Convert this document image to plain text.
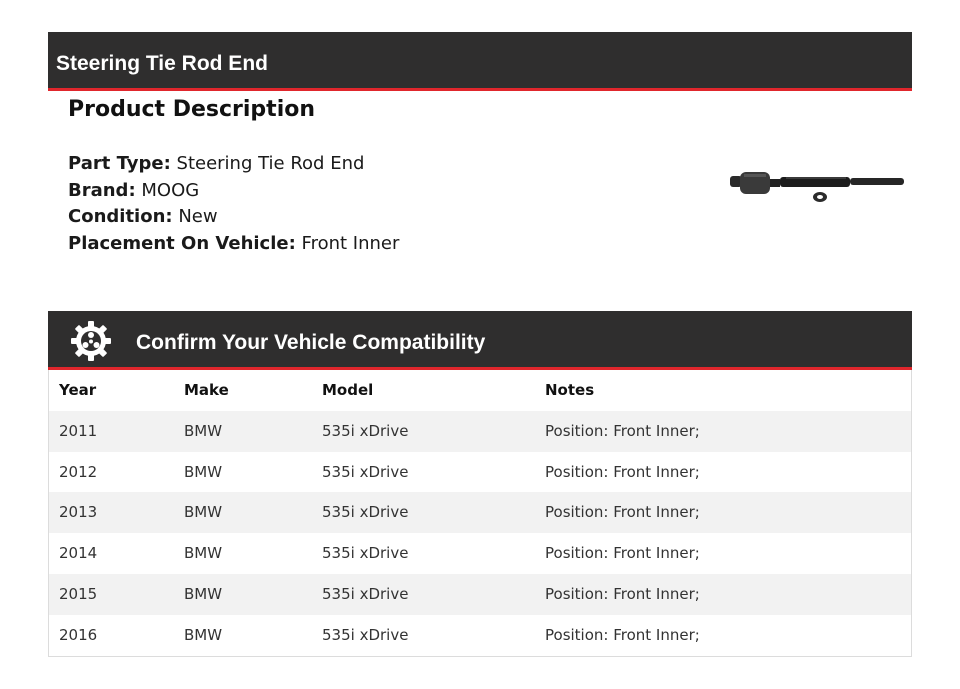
Steering Tie Rod End
Product Description
Part Type: Steering Tie Rod End
Brand: MOOG
Condition: New
Placement On Vehicle: Front Inner
Confirm Your Vehicle Compatibility
Year	Make	Model	Notes
2011	BMW	535i xDrive	Position: Front Inner;
2012	BMW	535i xDrive	Position: Front Inner;
2013	BMW	535i xDrive	Position: Front Inner;
2014	BMW	535i xDrive	Position: Front Inner;
2015	BMW	535i xDrive	Position: Front Inner;
2016	BMW	535i xDrive	Position: Front Inner;
